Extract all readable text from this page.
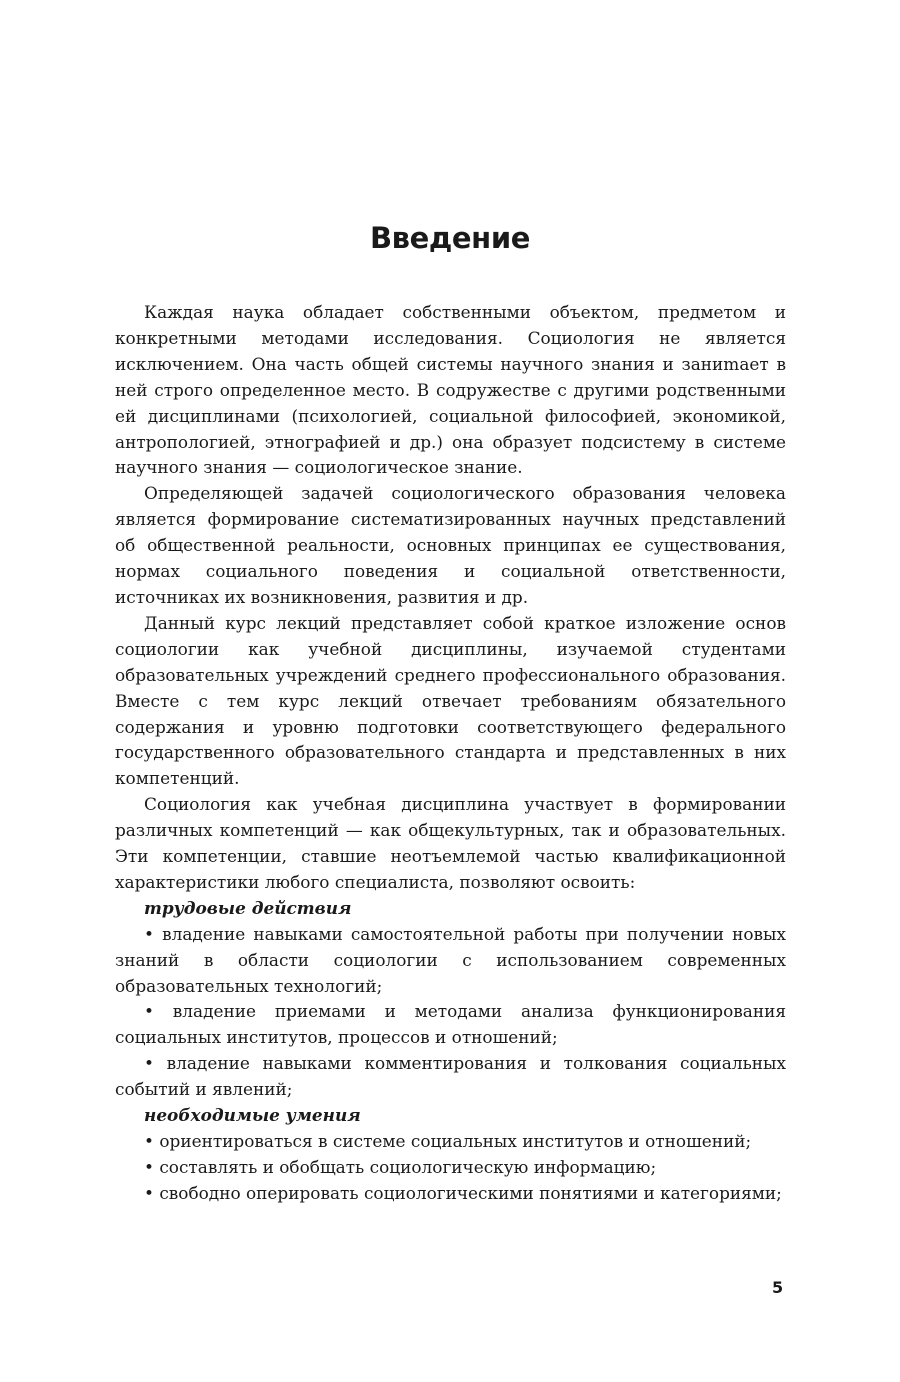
Введение

Каждая наука обладает собственными объектом, предметом и конкретными методами исследования. Социология не является исключением. Она часть общей системы научного знания и заниmает в ней строго определенное место. В содружестве с другими родственными ей дисциплинами (психологией, социальной философией, экономикой, антропологией, этнографией и др.) она образует подсистему в системе научного знания — социологическое знание.

Определяющей задачей социологического образования человека является формирование систематизированных научных представлений об общественной реальности, основных принципах ее существования, нормах социального поведения и социальной ответственности, источниках их возникновения, развития и др.

Данный курс лекций представляет собой краткое изложение основ социологии как учебной дисциплины, изучаемой студентами образовательных учреждений среднего профессионального образования. Вместе с тем курс лекций отвечает требованиям обязательного содержания и уровню подготовки соответствующего федерального государственного образовательного стандарта и представленных в них компетенций.

Социология как учебная дисциплина участвует в формировании различных компетенций — как общекультурных, так и образовательных. Эти компетенции, ставшие неотъемлемой частью квалификационной характеристики любого специалиста, позволяют освоить:

трудовые действия

• владение навыками самостоятельной работы при получении новых знаний в области социологии с использованием современных образовательных технологий;

• владение приемами и методами анализа функционирования социальных институтов, процессов и отношений;

• владение навыками комментирования и толкования социальных событий и явлений;

необходимые умения

• ориентироваться в системе социальных институтов и отношений;

• составлять и обобщать социологическую информацию;

• свободно оперировать социологическими понятиями и категориями;

5
